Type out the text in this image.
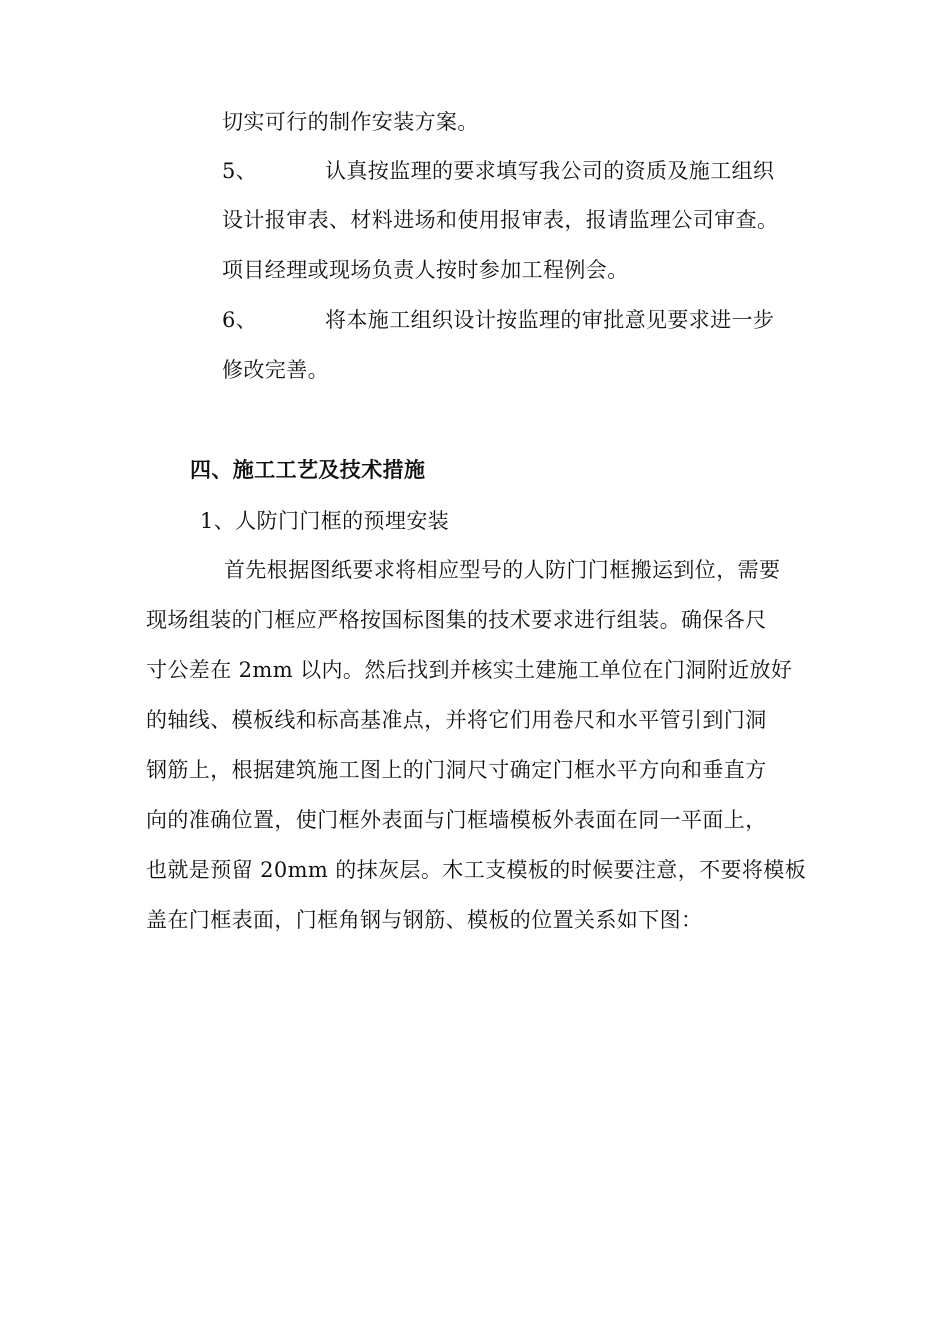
切实可行的制作安装方案。
5、	认真按监理的要求填写我公司的资质及施工组织
设计报审表、材料进场和使用报审表，报请监理公司审查。
项目经理或现场负责人按时参加工程例会。
6、	将本施工组织设计按监理的审批意见要求进一步
修改完善。
四、施工工艺及技术措施
1、人防门门框的预埋安装
首先根据图纸要求将相应型号的人防门门框搬运到位，需要
现场组装的门框应严格按国标图集的技术要求进行组装。确保各尺
寸公差在 2mm 以内。然后找到并核实土建施工单位在门洞附近放好
的轴线、模板线和标高基准点，并将它们用卷尺和水平管引到门洞
钢筋上，根据建筑施工图上的门洞尺寸确定门框水平方向和垂直方
向的准确位置，使门框外表面与门框墙模板外表面在同一平面上，
也就是预留 20mm 的抹灰层。木工支模板的时候要注意，不要将模板
盖在门框表面，门框角钢与钢筋、模板的位置关系如下图：
